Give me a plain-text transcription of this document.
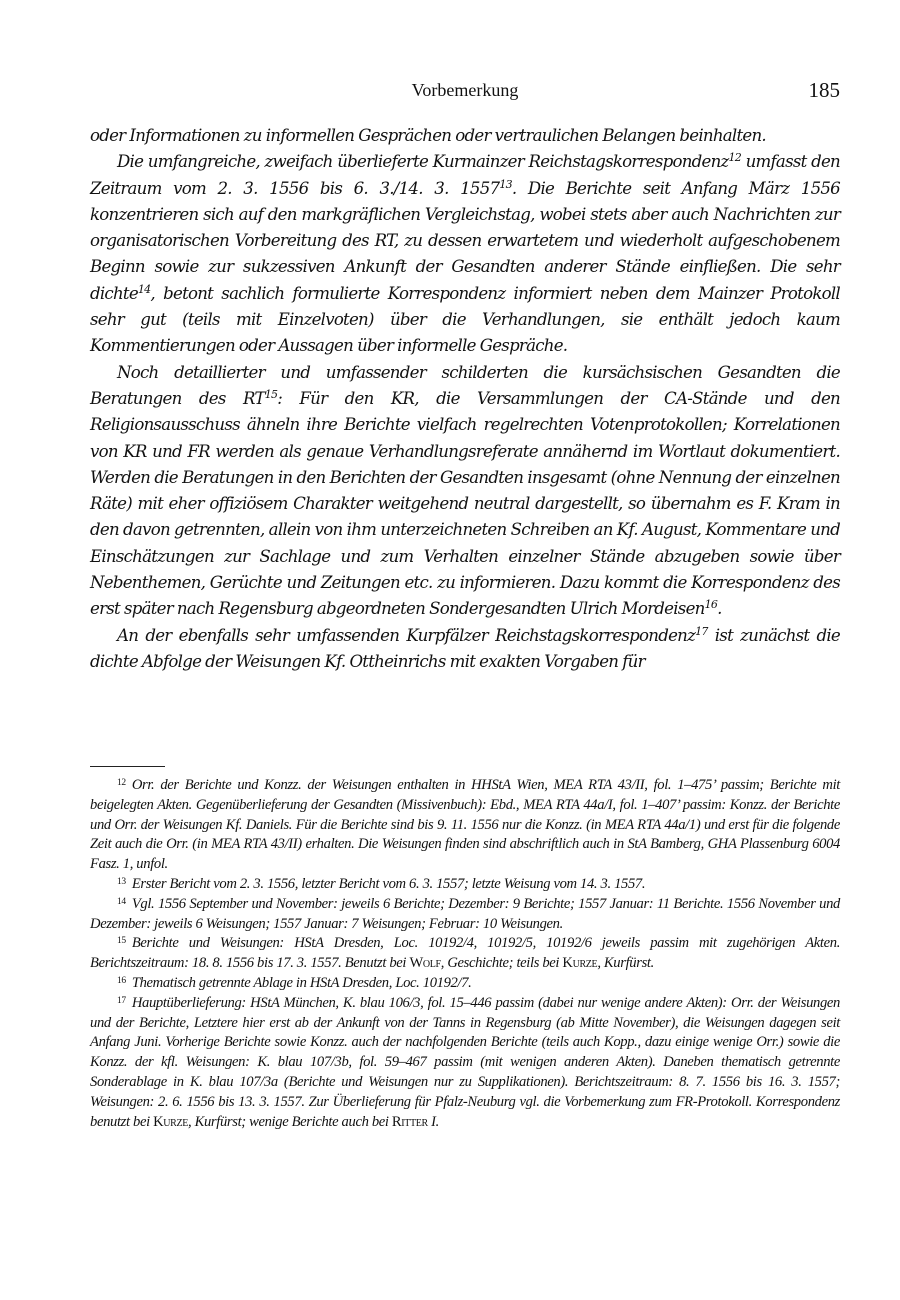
Vorbemerkung	185

oder Informationen zu informellen Gesprächen oder vertraulichen Belangen beinhalten.

Die umfangreiche, zweifach überlieferte Kurmainzer Reichstagskorrespondenz$^{12}$ umfasst den Zeitraum vom 2. 3. 1556 bis 6. 3./14. 3. 1557$^{13}$. Die Berichte seit Anfang März 1556 konzentrieren sich auf den markgräflichen Vergleichstag, wobei stets aber auch Nachrichten zur organisatorischen Vorbereitung des RT, zu dessen erwartetem und wiederholt aufgeschobenem Beginn sowie zur sukzessiven Ankunft der Gesandten anderer Stände einfließen. Die sehr dichte$^{14}$, betont sachlich formulierte Korrespondenz informiert neben dem Mainzer Protokoll sehr gut (teils mit Einzelvoten) über die Verhandlungen, sie enthält jedoch kaum Kommentierungen oder Aussagen über informelle Gespräche.

Noch detaillierter und umfassender schilderten die kursächsischen Gesandten die Beratungen des RT$^{15}$: Für den KR, die Versammlungen der CA-Stände und den Religionsausschuss ähneln ihre Berichte vielfach regelrechten Votenprotokollen; Korrelationen von KR und FR werden als genaue Verhandlungsreferate annähernd im Wortlaut dokumentiert. Werden die Beratungen in den Berichten der Gesandten insgesamt (ohne Nennung der einzelnen Räte) mit eher offiziösem Charakter weitgehend neutral dargestellt, so übernahm es F. Kram in den davon getrennten, allein von ihm unterzeichneten Schreiben an Kf. August, Kommentare und Einschätzungen zur Sachlage und zum Verhalten einzelner Stände abzugeben sowie über Nebenthemen, Gerüchte und Zeitungen etc. zu informieren. Dazu kommt die Korrespondenz des erst später nach Regensburg abgeordneten Sondergesandten Ulrich Mordeisen$^{16}$.

An der ebenfalls sehr umfassenden Kurpfälzer Reichstagskorrespondenz$^{17}$ ist zunächst die dichte Abfolge der Weisungen Kf. Ottheinrichs mit exakten Vorgaben für

$^{12}$ Orr. der Berichte und Konzz. der Weisungen enthalten in HHStA Wien, MEA RTA 43/II, fol. 1–475’ passim; Berichte mit beigelegten Akten. Gegenüberlieferung der Gesandten (Missivenbuch): Ebd., MEA RTA 44a/I, fol. 1–407’ passim: Konzz. der Berichte und Orr. der Weisungen Kf. Daniels. Für die Berichte sind bis 9. 11. 1556 nur die Konzz. (in MEA RTA 44a/1) und erst für die folgende Zeit auch die Orr. (in MEA RTA 43/II) erhalten. Die Weisungen finden sind abschriftlich auch in StA Bamberg, GHA Plassenburg 6004 Fasz. 1, unfol.

$^{13}$ Erster Bericht vom 2. 3. 1556, letzter Bericht vom 6. 3. 1557; letzte Weisung vom 14. 3. 1557.

$^{14}$ Vgl. 1556 September und November: jeweils 6 Berichte; Dezember: 9 Berichte; 1557 Januar: 11 Berichte. 1556 November und Dezember: jeweils 6 Weisungen; 1557 Januar: 7 Weisungen; Februar: 10 Weisungen.

$^{15}$ Berichte und Weisungen: HStA Dresden, Loc. 10192/4, 10192/5, 10192/6 jeweils passim mit zugehörigen Akten. Berichtszeitraum: 18. 8. 1556 bis 17. 3. 1557. Benutzt bei Wolf, Geschichte; teils bei Kurze, Kurfürst.

$^{16}$ Thematisch getrennte Ablage in HStA Dresden, Loc. 10192/7.

$^{17}$ Hauptüberlieferung: HStA München, K. blau 106/3, fol. 15–446 passim (dabei nur wenige andere Akten): Orr. der Weisungen und der Berichte, Letztere hier erst ab der Ankunft von der Tanns in Regensburg (ab Mitte November), die Weisungen dagegen seit Anfang Juni. Vorherige Berichte sowie Konzz. auch der nachfolgenden Berichte (teils auch Kopp., dazu einige wenige Orr.) sowie die Konzz. der kfl. Weisungen: K. blau 107/3b, fol. 59–467 passim (mit wenigen anderen Akten). Daneben thematisch getrennte Sonderablage in K. blau 107/3a (Berichte und Weisungen nur zu Supplikationen). Berichtszeitraum: 8. 7. 1556 bis 16. 3. 1557; Weisungen: 2. 6. 1556 bis 13. 3. 1557. Zur Überlieferung für Pfalz-Neuburg vgl. die Vorbemerkung zum FR-Protokoll. Korrespondenz benutzt bei Kurze, Kurfürst; wenige Berichte auch bei Ritter I.
